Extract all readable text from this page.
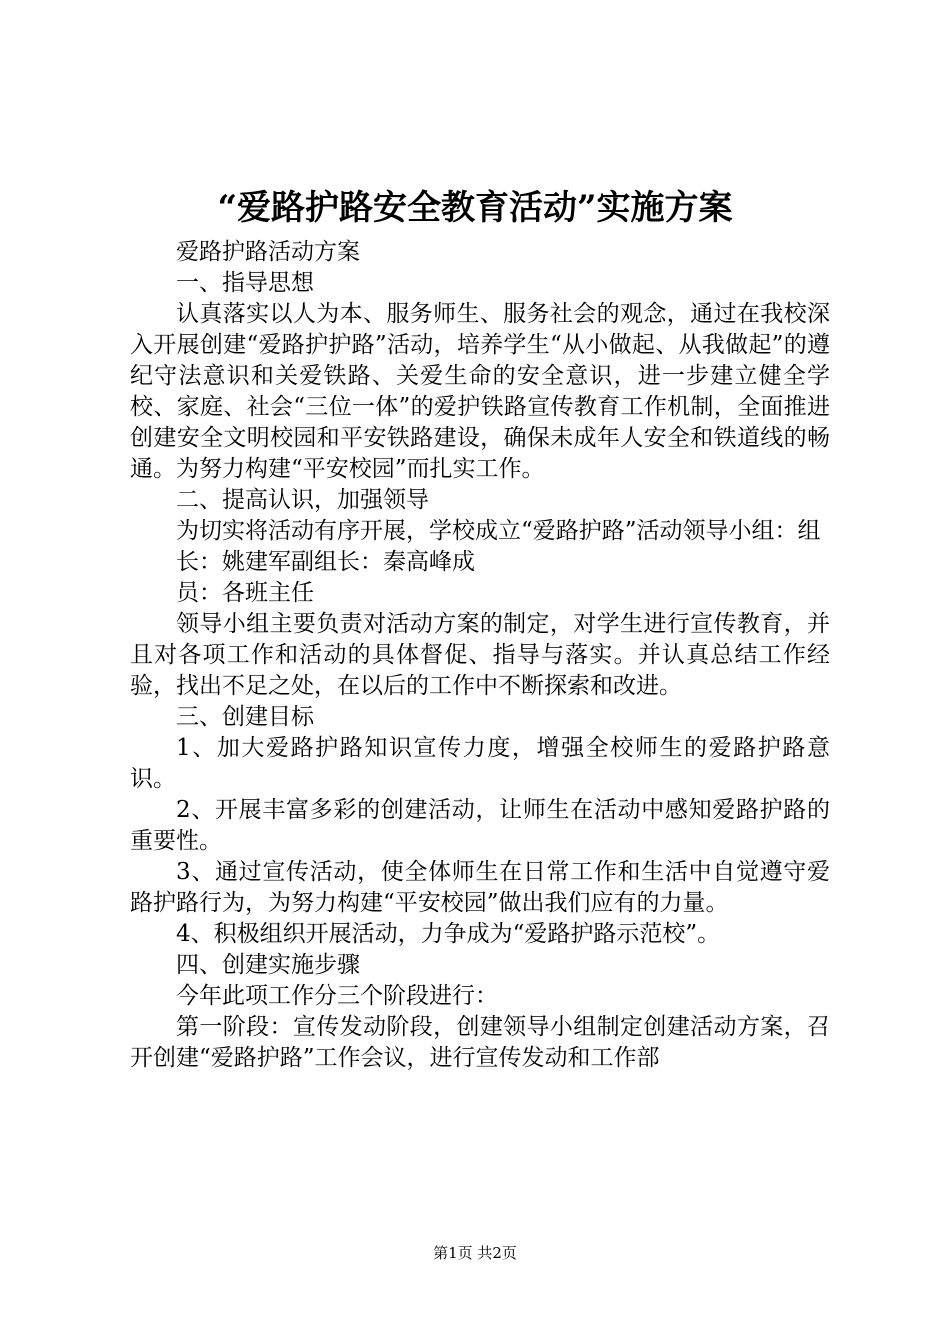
“爱路护路安全教育活动”实施方案

爱路护路活动方案

一、指导思想

认真落实以人为本、服务师生、服务社会的观念，通过在我校深入开展创建“爱路护护路”活动，培养学生“从小做起、从我做起”的遵纪守法意识和关爱铁路、关爱生命的安全意识，进一步建立健全学校、家庭、社会“三位一体”的爱护铁路宣传教育工作机制，全面推进创建安全文明校园和平安铁路建设，确保未成年人安全和铁道线的畅通。为努力构建“平安校园”而扎实工作。

二、提高认识，加强领导

为切实将活动有序开展，学校成立“爱路护路”活动领导小组：组

长：姚建军副组长：秦高峰成

员：各班主任

领导小组主要负责对活动方案的制定，对学生进行宣传教育，并且对各项工作和活动的具体督促、指导与落实。并认真总结工作经验，找出不足之处，在以后的工作中不断探索和改进。

三、创建目标

1、加大爱路护路知识宣传力度，增强全校师生的爱路护路意识。

2、开展丰富多彩的创建活动，让师生在活动中感知爱路护路的重要性。

3、通过宣传活动，使全体师生在日常工作和生活中自觉遵守爱路护路行为，为努力构建“平安校园”做出我们应有的力量。

4、积极组织开展活动，力争成为“爱路护路示范校”。

四、创建实施步骤

今年此项工作分三个阶段进行：

第一阶段：宣传发动阶段，创建领导小组制定创建活动方案，召开创建“爱路护路”工作会议，进行宣传发动和工作部

第1页 共2页
